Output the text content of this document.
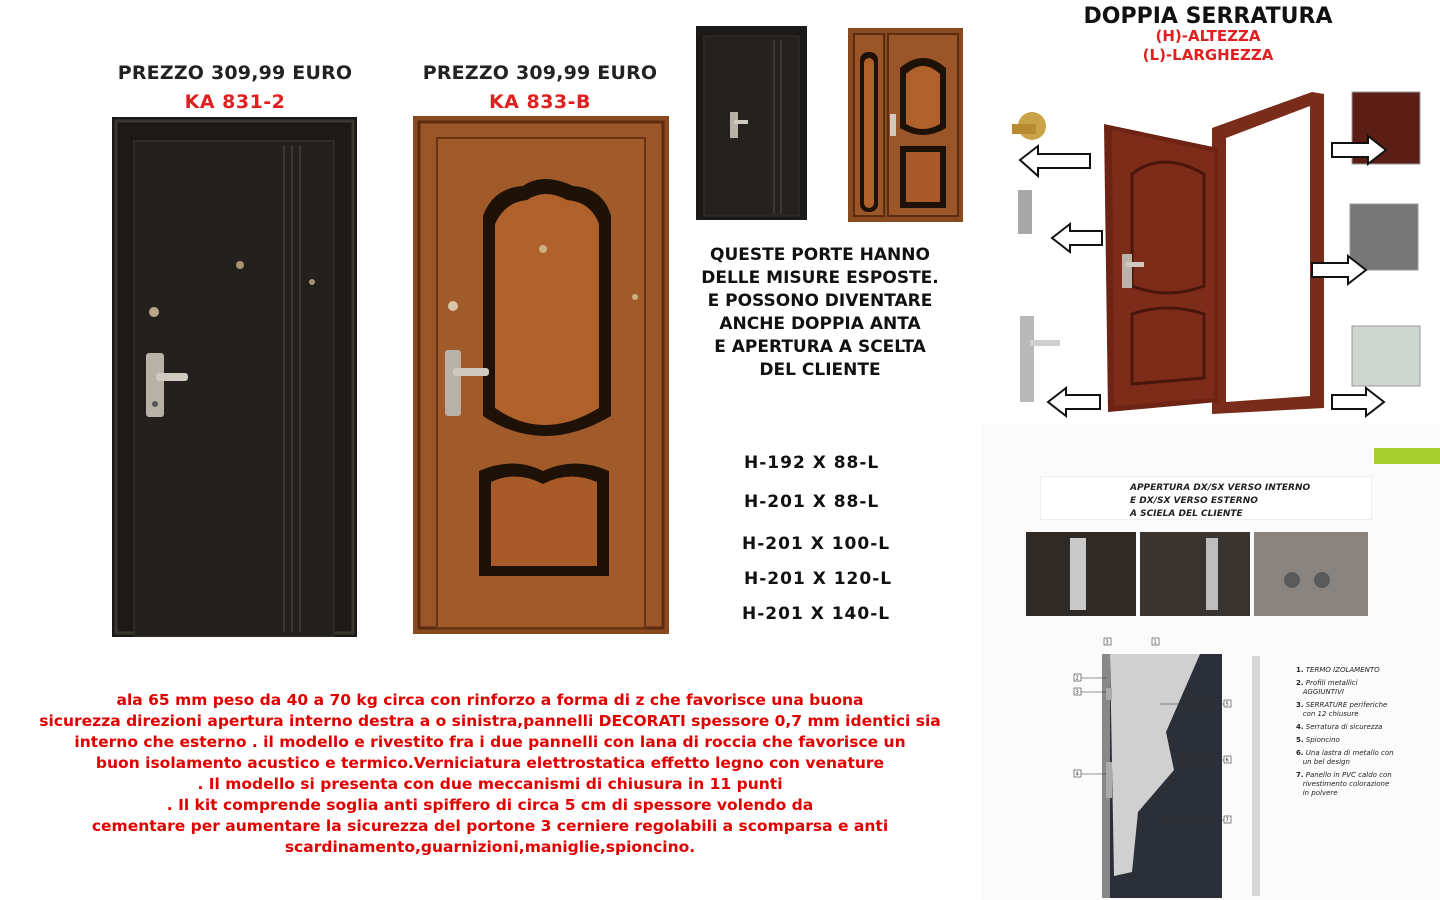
PREZZO 309,99 EURO
KA 831-2
PREZZO 309,99 EURO
KA 833-B
QUESTE PORTE HANNO
DELLE MISURE ESPOSTE.
E POSSONO DIVENTARE
ANCHE DOPPIA ANTA
E APERTURA A SCELTA
DEL CLIENTE
H-192 X 88-L
H-201 X 88-L
H-201 X 100-L
H-201 X 120-L
H-201 X 140-L
ala 65 mm peso da 40 a 70 kg circa con rinforzo a forma di z che favorisce una buona
sicurezza direzioni apertura interno destra a o sinistra,pannelli DECORATI spessore 0,7 mm identici sia
interno che esterno . il modello e rivestito fra i due pannelli con lana di roccia che favorisce un
buon isolamento acustico e termico.Verniciatura elettrostatica effetto legno con venature
. Il modello si presenta con due meccanismi di chiusura in 11 punti
. Il kit comprende soglia anti spiffero di circa 5 cm di spessore volendo da
cementare per aumentare la sicurezza del portone 3 cerniere regolabili a scomparsa e anti
scardinamento,guarnizioni,maniglie,spioncino.
DOPPIA SERRATURA
(H)-ALTEZZA
(L)-LARGHEZZA
APPERTURA DX/SX VERSO INTERNO
E DX/SX VERSO ESTERNO
A SCIELA DEL CLIENTE
3	1
2
3
4
5
6
7
1. TERMO IZOLAMENTO
2. Profili metallici
AGGIUNTIVI
3. SERRATURE periferiche
con 12 chiusure
4. Serratura di sicurezza
5. Spioncino
6. Una lastra di metallo con
un bel design
7. Panello in PVC caldo con
rivestimento colorazione
in polvere
